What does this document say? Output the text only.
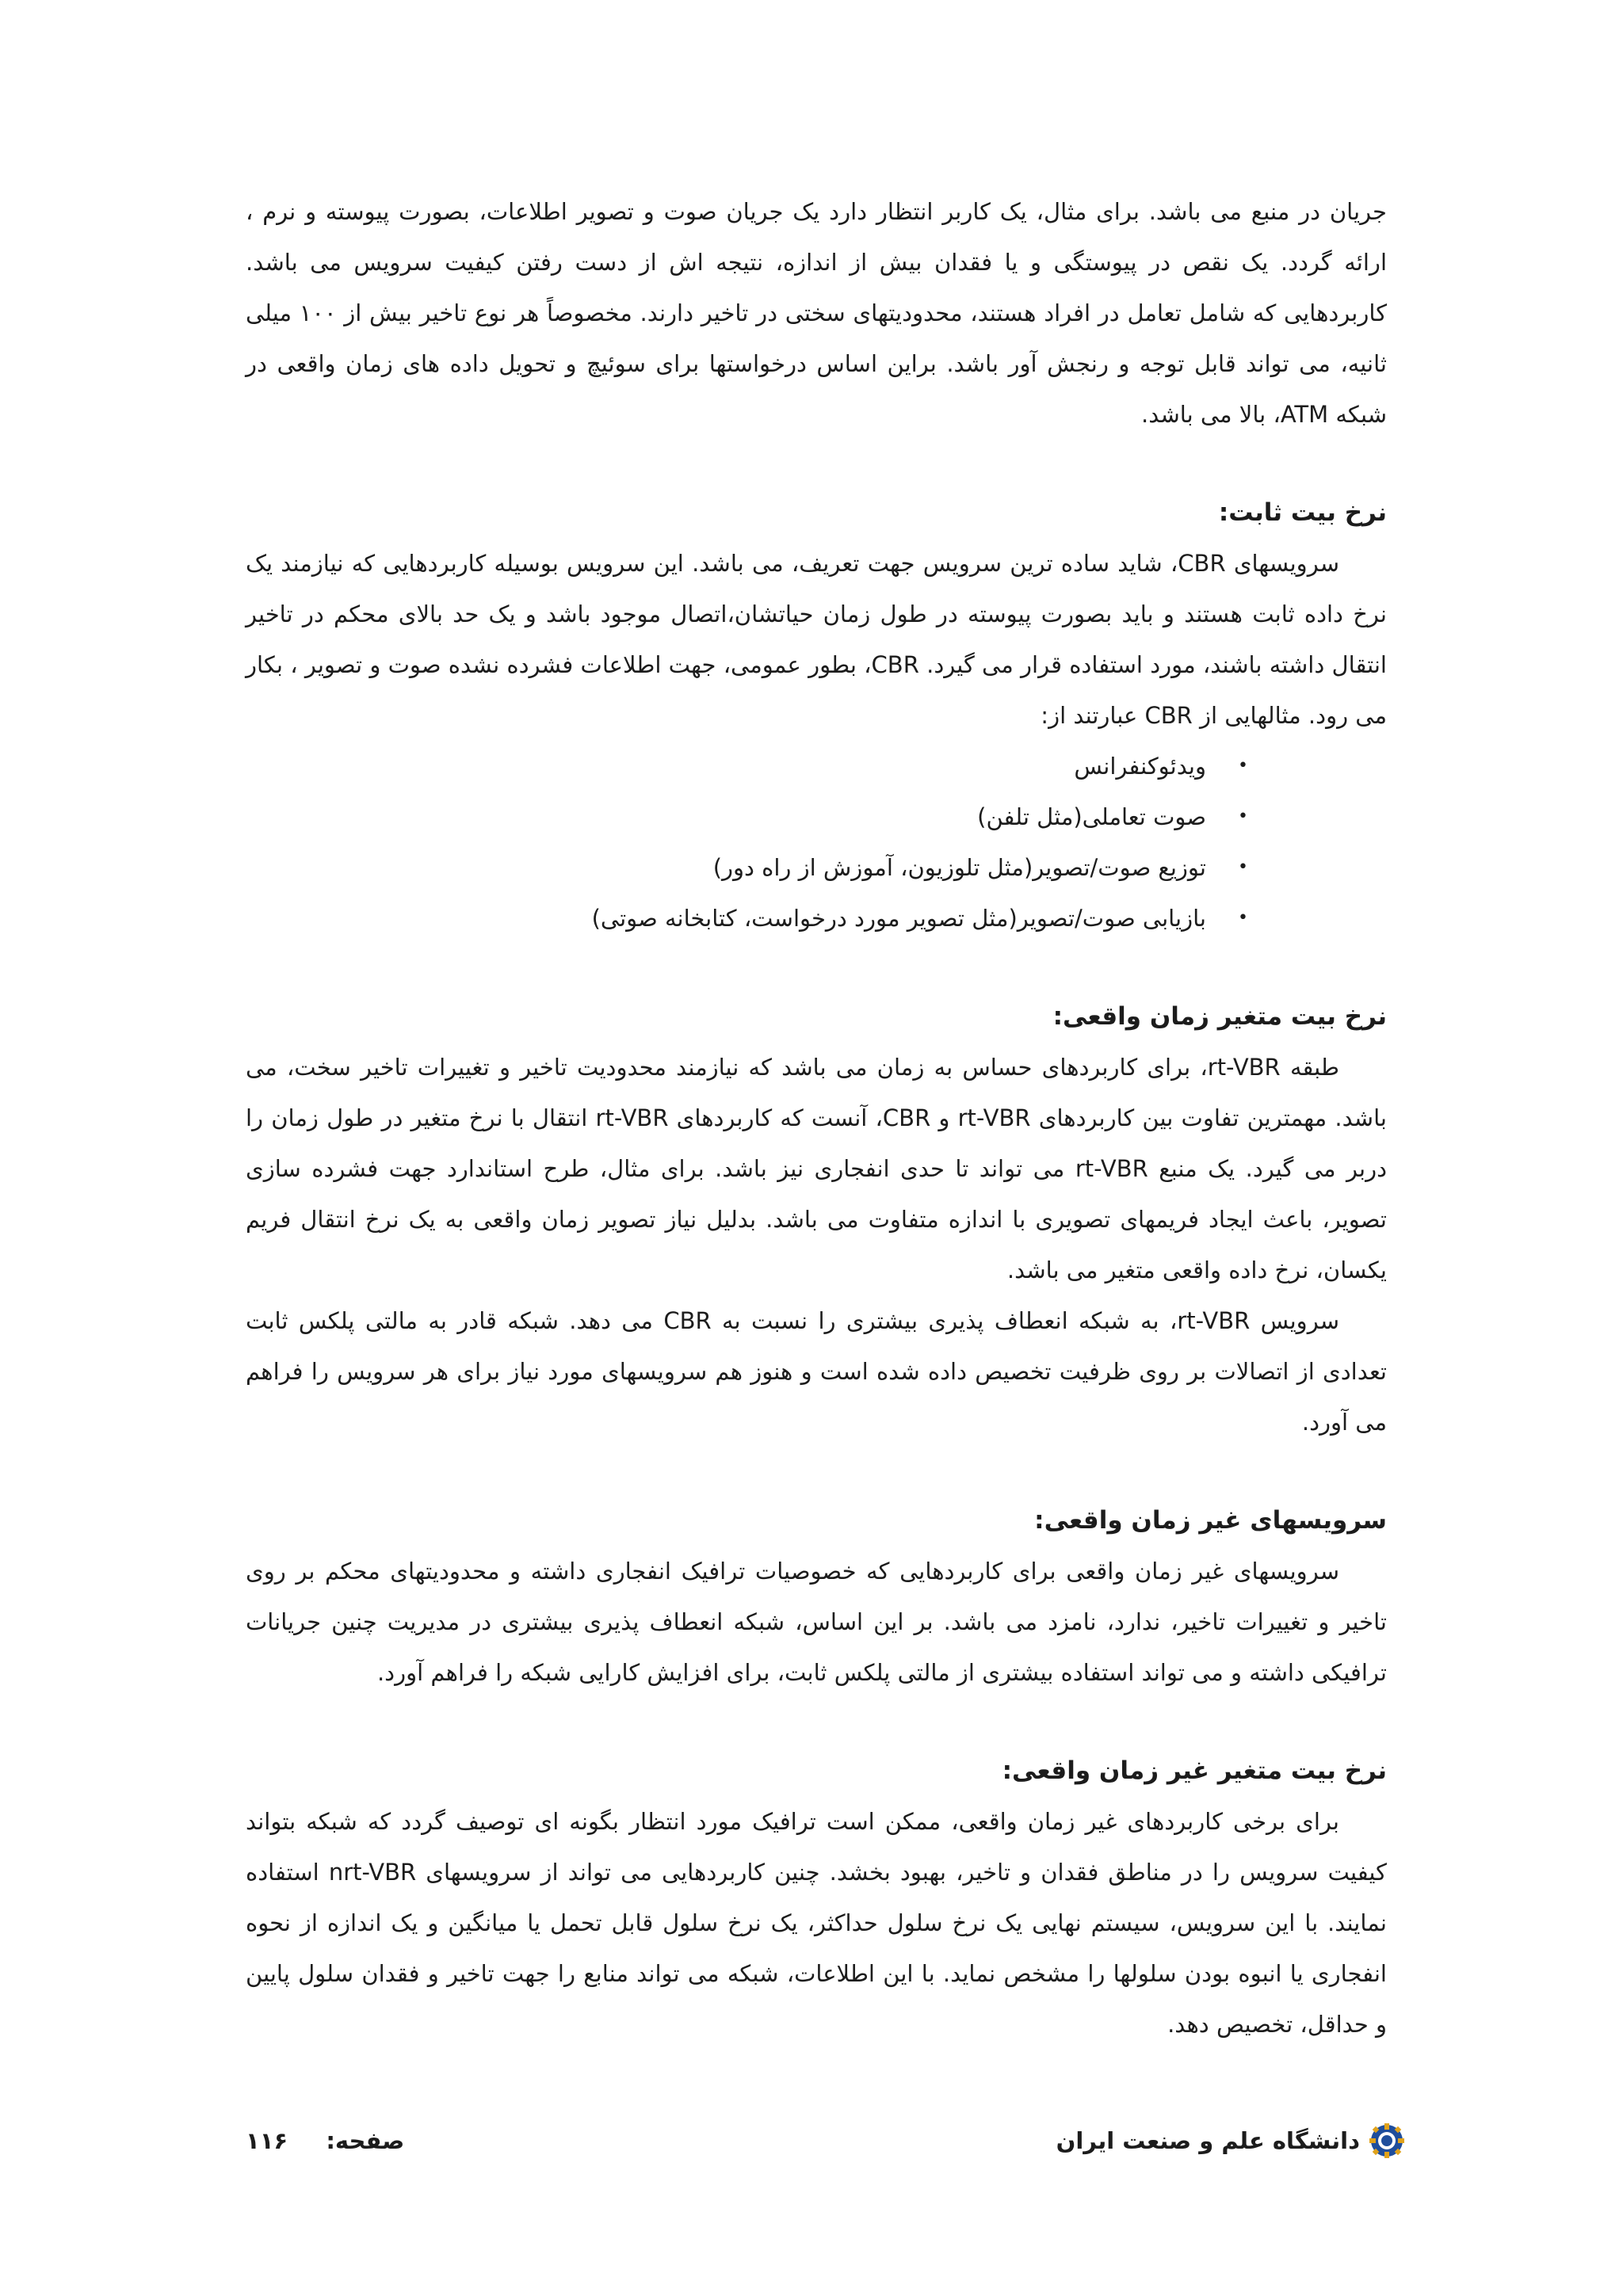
جریان در منبع می باشد. برای مثال، یک کاربر انتظار دارد یک جریان صوت و تصویر اطلاعات، بصورت پیوسته و نرم ، ارائه گردد. یک نقص در پیوستگی و یا فقدان بیش از اندازه، نتیجه اش از دست رفتن کیفیت سرویس می باشد. کاربردهایی که شامل تعامل در افراد هستند، محدودیتهای سختی در تاخیر دارند. مخصوصاً هر نوع تاخیر بیش از ۱۰۰ میلی ثانیه، می تواند قابل توجه و رنجش آور باشد. براین اساس درخواستها برای سوئیچ و تحویل داده های زمان واقعی در شبکه ATM، بالا می باشد.

نرخ بیت ثابت:

سرویسهای CBR، شاید ساده ترین سرویس جهت تعریف، می باشد. این سرویس بوسیله کاربردهایی که نیازمند یک نرخ داده ثابت هستند و باید بصورت پیوسته در طول زمان حیاتشان،اتصال موجود باشد و یک حد بالای محکم در تاخیر انتقال داشته باشند، مورد استفاده قرار می گیرد. CBR، بطور عمومی، جهت اطلاعات فشرده نشده صوت و تصویر ، بکار می رود. مثالهایی از CBR عبارتند از:

•
ویدئوکنفرانس
•
صوت تعاملی(مثل تلفن)
•
توزیع صوت/تصویر(مثل تلوزیون، آموزش از راه دور)
•
بازیابی صوت/تصویر(مثل تصویر مورد درخواست، کتابخانه صوتی)
نرخ بیت متغیر زمان واقعی:

طبقه rt-VBR، برای کاربردهای حساس به زمان می باشد که نیازمند محدودیت تاخیر و تغییرات تاخیر سخت، می باشد. مهمترین تفاوت بین کاربردهای rt-VBR و CBR، آنست که کاربردهای rt-VBR انتقال با نرخ متغیر در طول زمان را دربر می گیرد. یک منبع rt-VBR می تواند تا حدی انفجاری نیز باشد. برای مثال، طرح استاندارد جهت فشرده سازی تصویر، باعث ایجاد فریمهای تصویری با اندازه متفاوت می باشد. بدلیل نیاز تصویر زمان واقعی به یک نرخ انتقال فریم یکسان، نرخ داده واقعی متغیر می باشد.

سرویس rt-VBR، به شبکه انعطاف پذیری بیشتری را نسبت به CBR می دهد. شبکه قادر به مالتی پلکس ثابت تعدادی از اتصالات بر روی ظرفیت تخصیص داده شده است و هنوز هم سرویسهای مورد نیاز برای هر سرویس را فراهم می آورد.

سرویسهای غیر زمان واقعی:

سرویسهای غیر زمان واقعی برای کاربردهایی که خصوصیات ترافیک انفجاری داشته و محدودیتهای محکم بر روی تاخیر و تغییرات تاخیر، ندارد، نامزد می باشد. بر این اساس، شبکه انعطاف پذیری بیشتری در مدیریت چنین جریانات ترافیکی داشته و می تواند استفاده بیشتری از مالتی پلکس ثابت، برای افزایش کارایی شبکه را فراهم آورد.

نرخ بیت متغیر غیر زمان واقعی:

برای برخی کاربردهای غیر زمان واقعی، ممکن است ترافیک مورد انتظار بگونه ای توصیف گردد که شبکه بتواند کیفیت سرویس را در مناطق فقدان و تاخیر، بهبود بخشد. چنین کاربردهایی می تواند از سرویسهای nrt-VBR استفاده نمایند. با این سرویس، سیستم نهایی یک نرخ سلول حداکثر، یک نرخ سلول قابل تحمل یا میانگین و یک اندازه از نحوه انفجاری یا انبوه بودن سلولها را مشخص نماید. با این اطلاعات، شبکه می تواند منابع را جهت تاخیر و فقدان سلول پایین و حداقل، تخصیص دهد.

دانشگاه علم و صنعت ایران
صفحه:  ۱۱۶
